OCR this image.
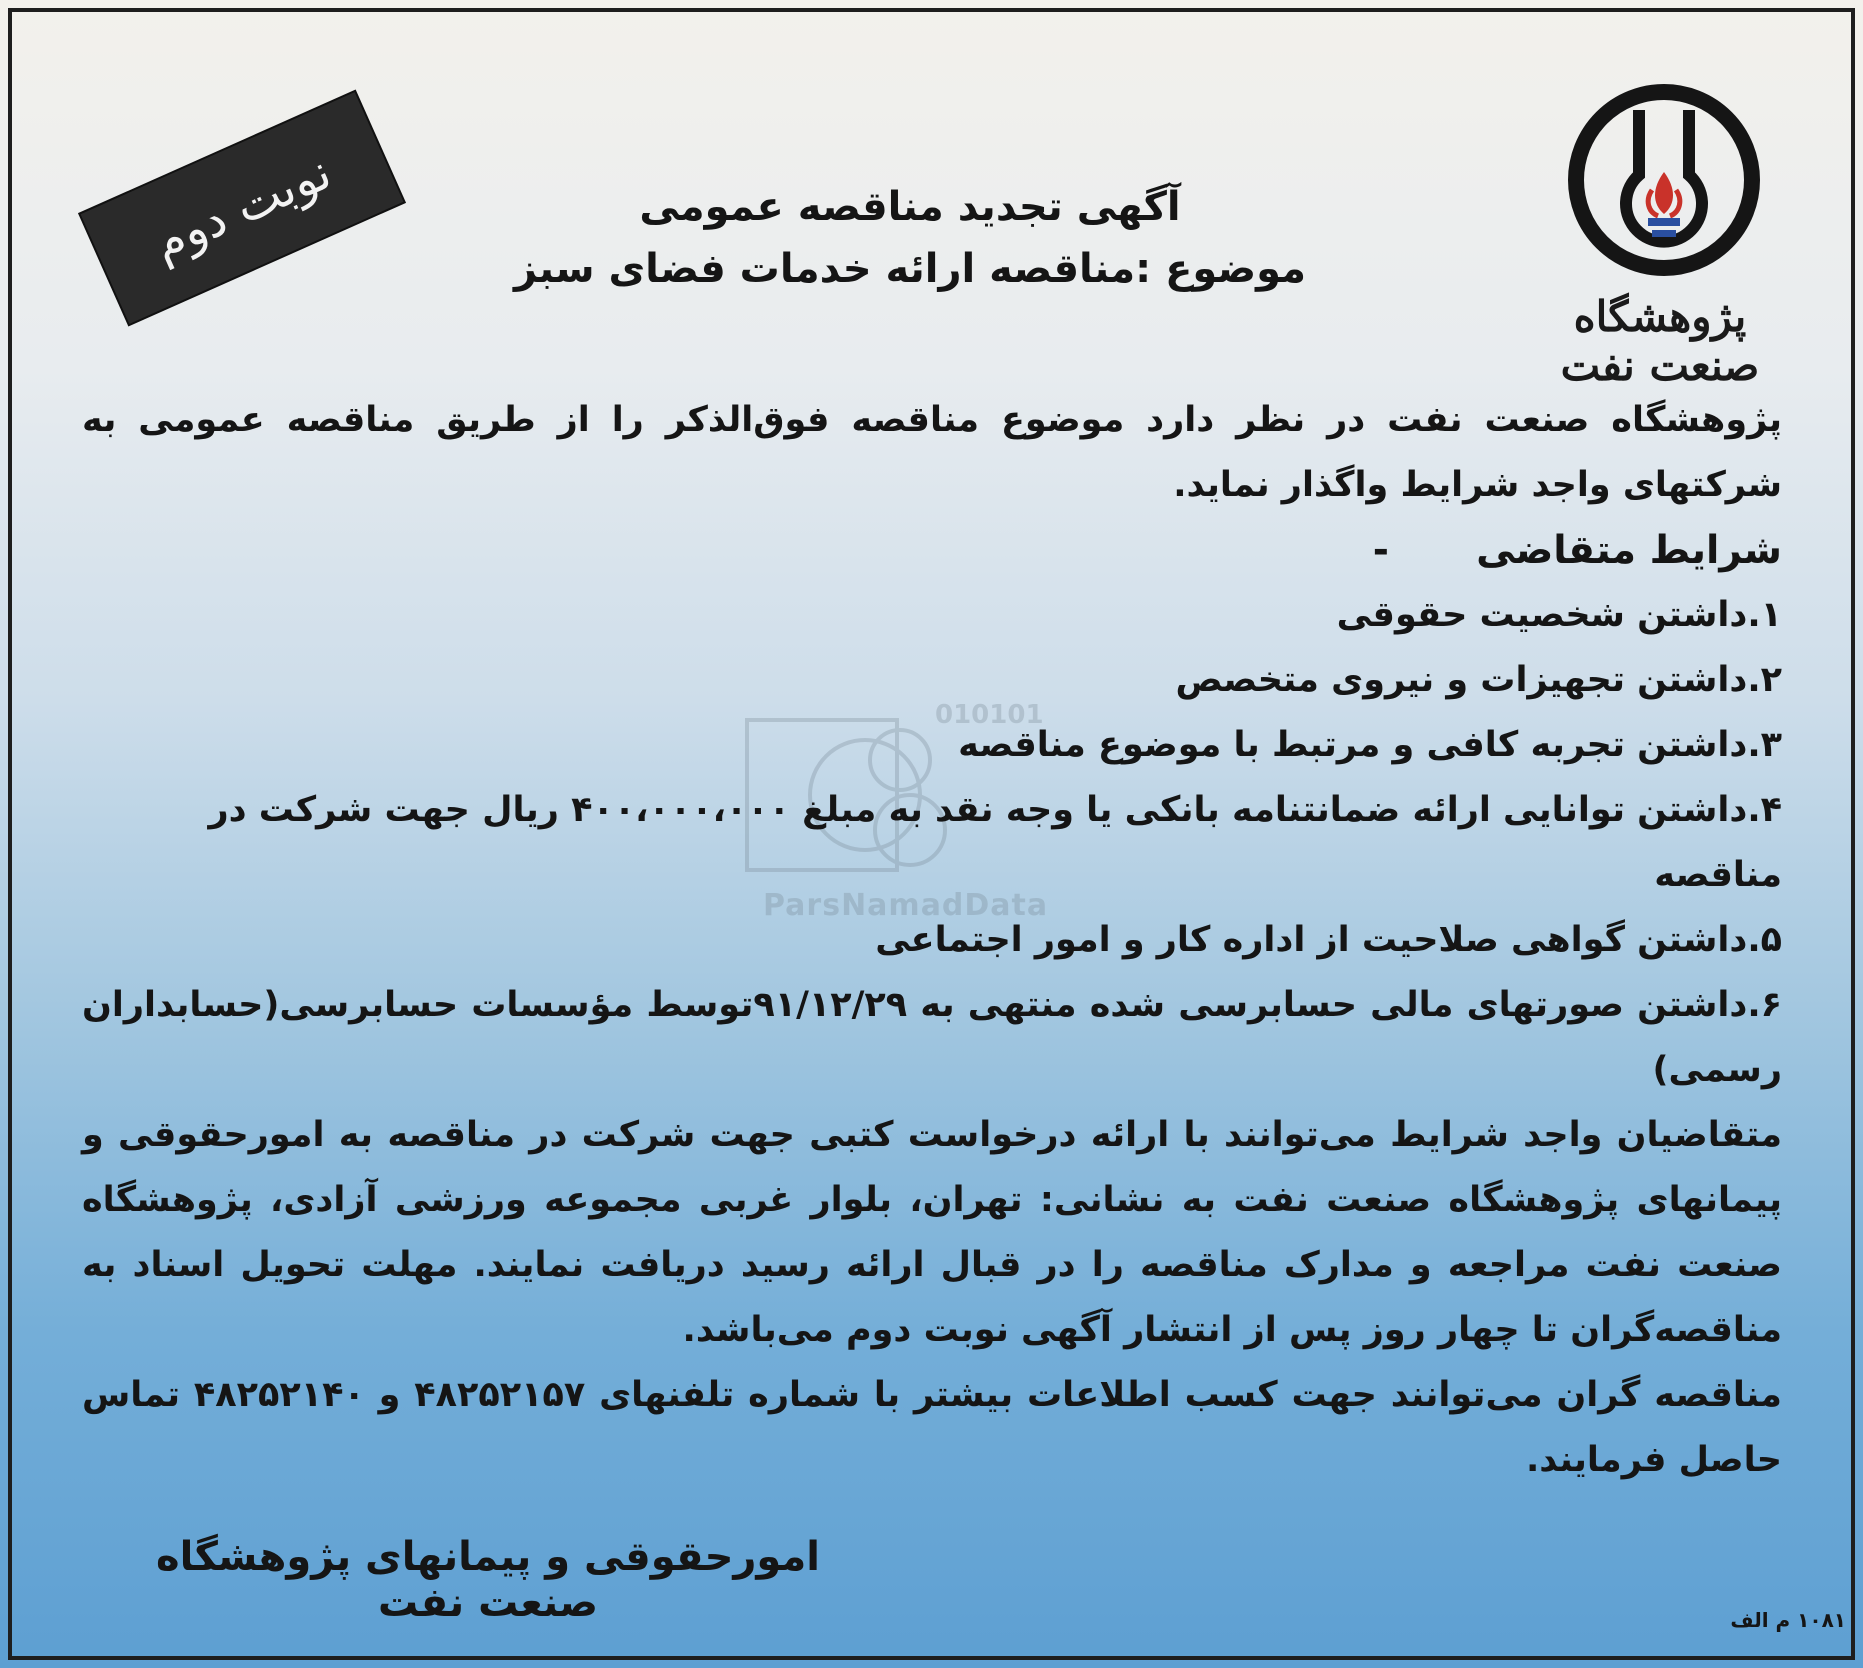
010101
ParsNamadData
نوبت دوم
پژوهشگاه صنعت نفت
آگهی تجدید مناقصه عمومی
موضوع :مناقصه ارائه خدمات فضای سبز

پژوهشگاه صنعت نفت در نظر دارد موضوع مناقصه فوق‌الذکر را از طریق مناقصه عمومی به شرکتهای واجد شرایط واگذار نماید.

شرایط متقاضی  -

۱.داشتن شخصیت حقوقی

۲.داشتن تجهیزات و نیروی متخصص

۳.داشتن تجربه کافی و مرتبط با موضوع مناقصه

۴.داشتن توانایی ارائه ضمانتنامه بانکی یا وجه نقد به مبلغ ۴۰۰،۰۰۰،۰۰۰ ریال جهت شرکت در مناقصه

۵.داشتن گواهی صلاحیت از اداره کار و امور اجتماعی

۶.داشتن صورتهای مالی حسابرسی شده منتهی به ۹۱/۱۲/۲۹توسط مؤسسات حسابرسی(حسابداران رسمی)

متقاضیان واجد شرایط می‌توانند با ارائه درخواست کتبی جهت شرکت در مناقصه به امورحقوقی و پیمانهای پژوهشگاه صنعت نفت به نشانی: تهران، بلوار غربی مجموعه ورزشی آزادی، پژوهشگاه صنعت نفت مراجعه و مدارک مناقصه را در قبال ارائه رسید دریافت نمایند. مهلت تحویل اسناد به مناقصه‌گران تا چهار روز پس از انتشار آگهی نوبت دوم می‌باشد.

مناقصه گران می‌توانند جهت کسب اطلاعات بیشتر با شماره تلفنهای ۴۸۲۵۲۱۵۷ و ۴۸۲۵۲۱۴۰ تماس حاصل فرمایند.

امورحقوقی و پیمانهای پژوهشگاه صنعت نفت	۱۰۸۱ م الف
